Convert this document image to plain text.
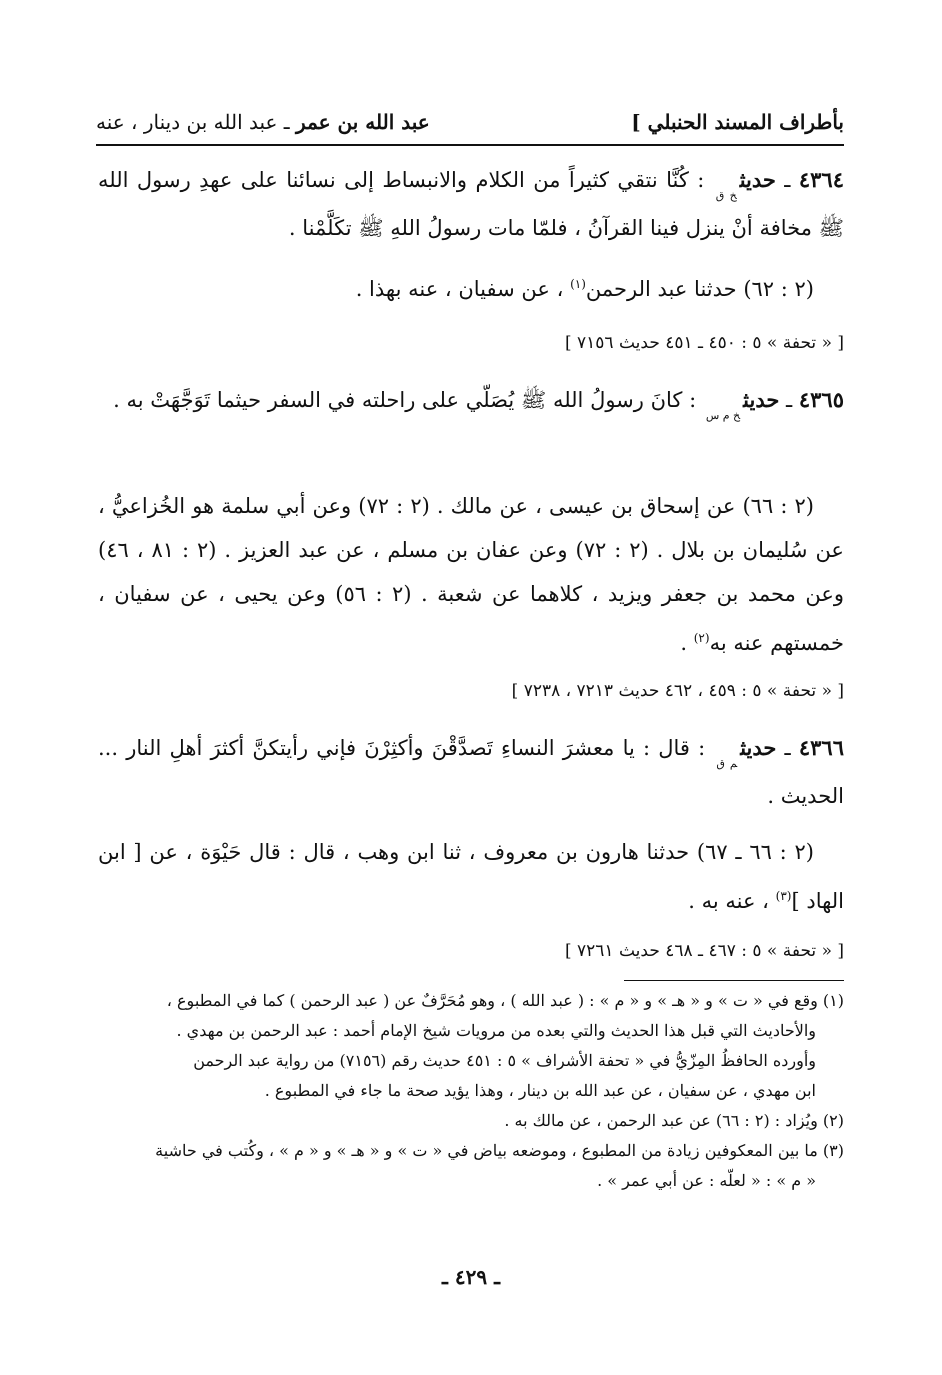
بأطراف المسند الحنبلي ]
عبد الله بن عمر ـ عبد الله بن دينار ، عنه
٤٣٦٤ ـ حديث$_{خ ق}$ : كُنَّا نتقي كثيراً من الكلام والانبساط إلى نسائنا على عهدِ رسول الله ﷺ مخافة أنْ ينزل فينا القرآنُ ، فلمّا مات رسولُ اللهِ ﷺ تكَلَّمْنا .
(٢ : ٦٢) حدثنا عبد الرحمن$^{(١)}$ ، عن سفيان ، عنه بهذا .
[ « تحفة » ٥ : ٤٥٠ ـ ٤٥١ حديث ٧١٥٦ ]
٤٣٦٥ ـ حديث$_{خ م س}$ : كانَ رسولُ الله ﷺ يُصَلّي على راحلته في السفر حيثما تَوَجَّهَتْ به .
(٢ : ٦٦) عن إسحاق بن عيسى ، عن مالك . (٢ : ٧٢) وعن أبي سلمة هو الخُزاعيُّ ، عن سُليمان بن بلال . (٢ : ٧٢) وعن عفان بن مسلم ، عن عبد العزيز . (٢ : ٨١ ، ٤٦) وعن محمد بن جعفر ويزيد ، كلاهما عن شعبة . (٢ : ٥٦) وعن يحيى ، عن سفيان ، خمستهم عنه به$^{(٢)}$ .
[ « تحفة » ٥ : ٤٥٩ ، ٤٦٢ حديث ٧٢١٣ ، ٧٢٣٨ ]
٤٣٦٦ ـ حديث$_{م ق}$ : قال : يا معشرَ النساءِ تَصدَّقْنَ وأكثِرْنَ فإني رأيتكنَّ أكثرَ أهلِ النار ... الحديث .
(٢ : ٦٦ ـ ٦٧) حدثنا هارون بن معروف ، ثنا ابن وهب ، قال : قال حَيْوَة ، عن [ ابن الهاد ]$^{(٣)}$ ، عنه به .
[ « تحفة » ٥ : ٤٦٧ ـ ٤٦٨ حديث ٧٢٦١ ]
(١) وقع في « ت » و « هـ » و « م » : ( عبد الله ) ، وهو مُحَرَّفٌ عن ( عبد الرحمن ) كما في المطبوع ،
والأحاديث التي قبل هذا الحديث والتي بعده من مرويات شيخ الإمام أحمد : عبد الرحمن بن مهدي .
وأورده الحافظُ المِزّيُّ في « تحفة الأشراف » ٥ : ٤٥١ حديث رقم (٧١٥٦) من رواية عبد الرحمن
ابن مهدي ، عن سفيان ، عن عبد الله بن دينار ، وهذا يؤيد صحة ما جاء في المطبوع .
(٢) ويُزاد : (٢ : ٦٦) عن عبد الرحمن ، عن مالك به .
(٣) ما بين المعكوفين زيادة من المطبوع ، وموضعه بياض في « ت » و « هـ » و « م » ، وكُتب في حاشية
« م » : « لعلّه : عن أبي عمر » .
ـ ٤٢٩ ـ
